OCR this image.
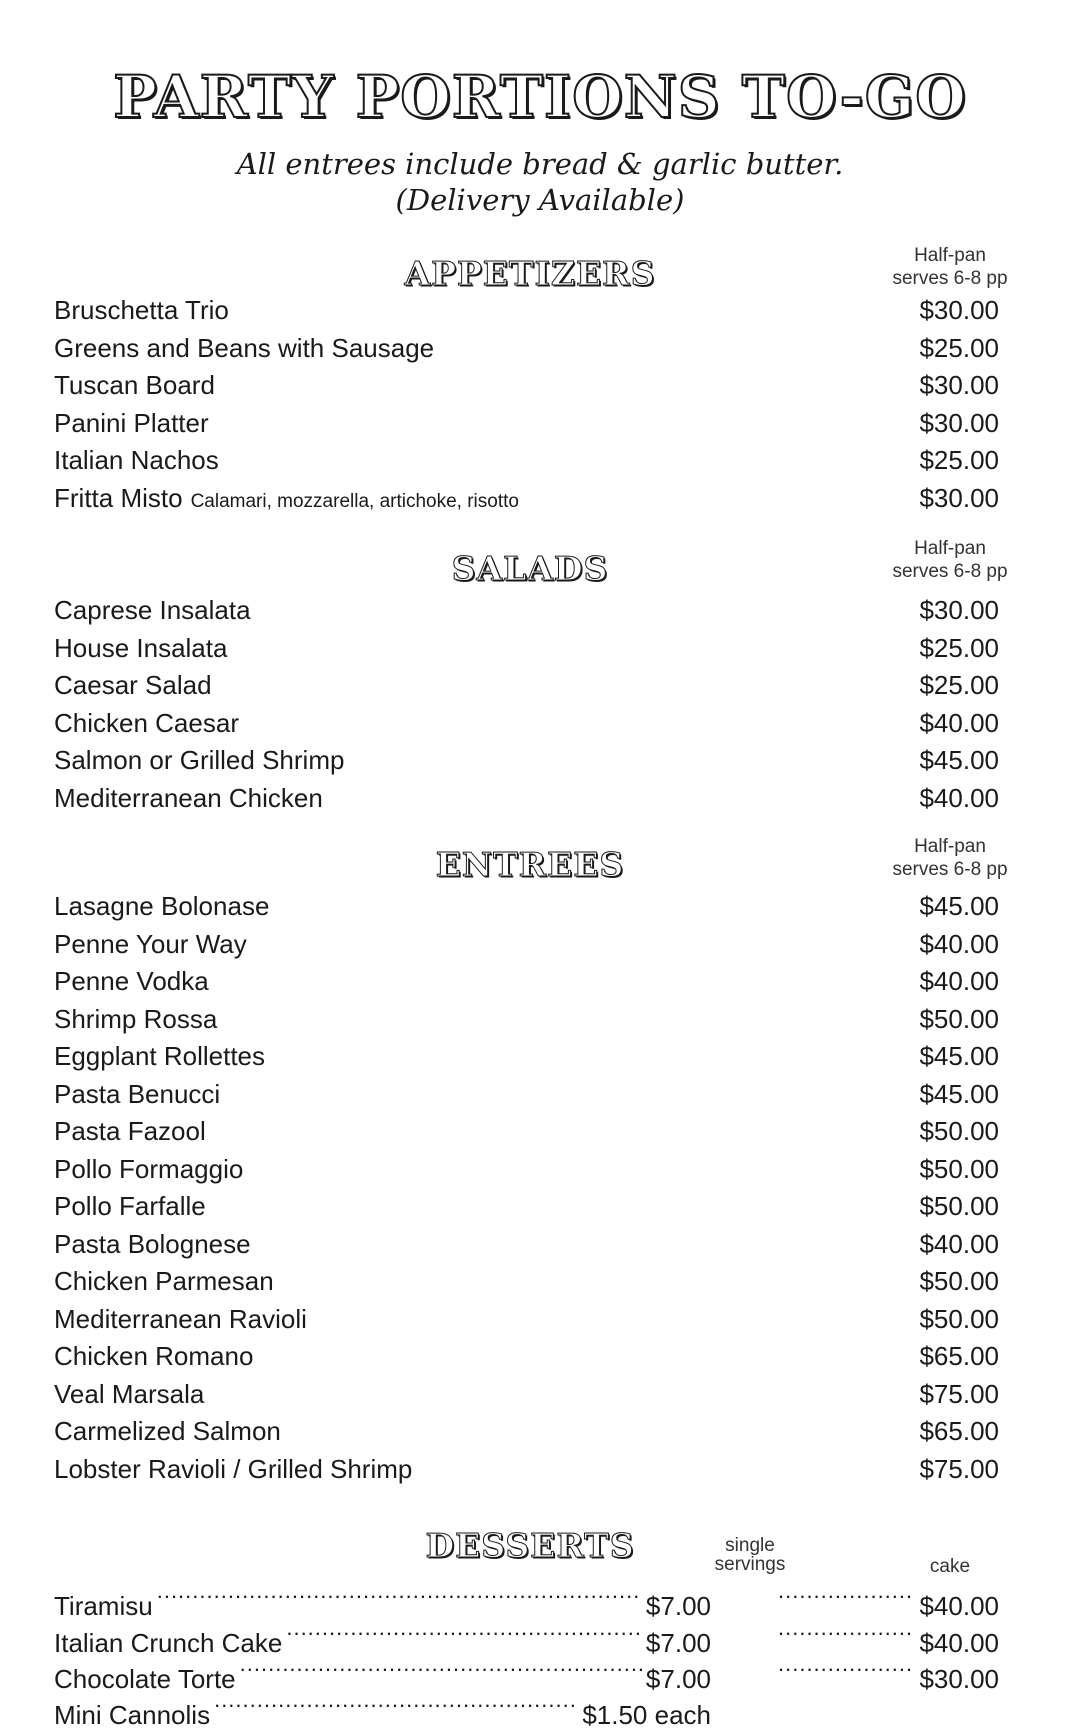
PARTY PORTIONS TO-GO
All entrees include bread & garlic butter.
(Delivery Available)
APPETIZERS	Half-pan
serves 6-8 pp
Bruschetta Trio	$30.00
Greens and Beans with Sausage	$25.00
Tuscan Board	$30.00
Panini Platter	$30.00
Italian Nachos	$25.00
Fritta Misto Calamari, mozzarella, artichoke, risotto	$30.00
SALADS
Half-pan
serves 6-8 pp
Caprese Insalata	$30.00
House Insalata	$25.00
Caesar Salad	$25.00
Chicken Caesar	$40.00
Salmon or Grilled Shrimp	$45.00
Mediterranean Chicken	$40.00
ENTREES	Half-pan
serves 6-8 pp
Lasagne Bolonase	$45.00
Penne Your Way	$40.00
Penne Vodka	$40.00
Shrimp Rossa	$50.00
Eggplant Rollettes	$45.00
Pasta Benucci	$45.00
Pasta Fazool	$50.00
Pollo Formaggio	$50.00
Pollo Farfalle	$50.00
Pasta Bolognese	$40.00
Chicken Parmesan	$50.00
Mediterranean Ravioli	$50.00
Chicken Romano	$65.00
Veal Marsala	$75.00
Carmelized Salmon	$65.00
Lobster Ravioli / Grilled Shrimp	$75.00
DESSERTS	single
servings	cake
Tiramisu .....	$7.00 .....	$40.00
Italian Crunch Cake .....	$7.00 .....	$40.00
Chocolate Torte .....	$7.00 .....	$30.00
Mini Cannolis .....	$1.50 each
